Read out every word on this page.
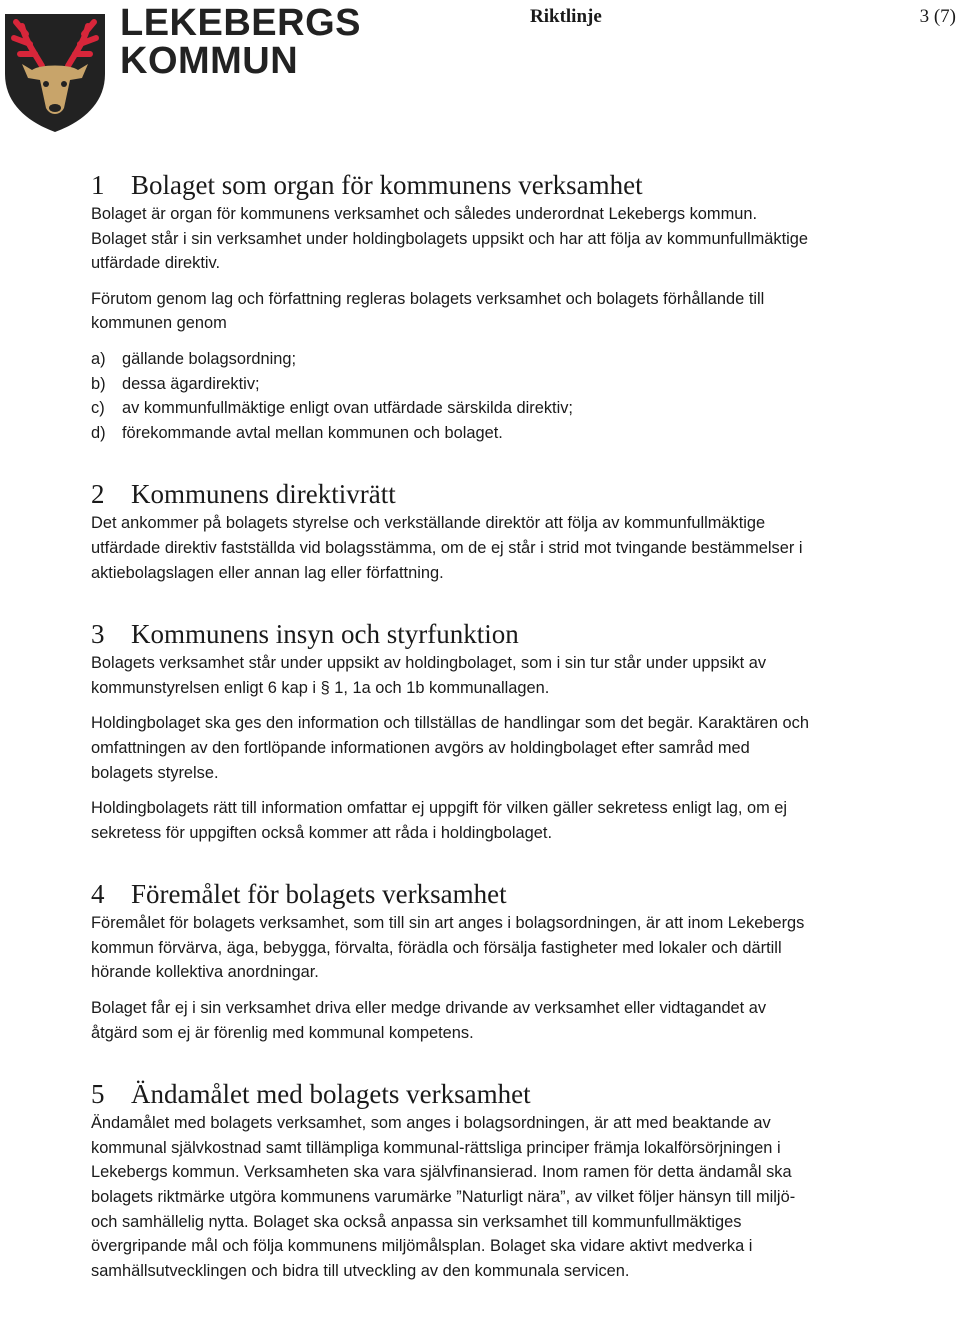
LEKEBERGS
KOMMUN
Riktlinje	3 (7)
1 Bolaget som organ för kommunens verksamhet

Bolaget är organ för kommunens verksamhet och således underordnat Lekebergs kommun. Bolaget står i sin verksamhet under holdingbolagets uppsikt och har att följa av kommunfullmäktige utfärdade direktiv.

Förutom genom lag och författning regleras bolagets verksamhet och bolagets förhållande till kommunen genom

a)	gällande bolagsordning;
b)	dessa ägardirektiv;
c)	av kommunfullmäktige enligt ovan utfärdade särskilda direktiv;
d)	förekommande avtal mellan kommunen och bolaget.
2 Kommunens direktivrätt

Det ankommer på bolagets styrelse och verkställande direktör att följa av kommunfullmäktige utfärdade direktiv fastställda vid bolagsstämma, om de ej står i strid mot tvingande bestämmelser i aktiebolagslagen eller annan lag eller författning.

3 Kommunens insyn och styrfunktion

Bolagets verksamhet står under uppsikt av holdingbolaget, som i sin tur står under uppsikt av kommunstyrelsen enligt 6 kap i § 1, 1a och 1b kommunallagen.

Holdingbolaget ska ges den information och tillställas de handlingar som det begär. Karaktären och omfattningen av den fortlöpande informationen avgörs av holdingbolaget efter samråd med bolagets styrelse.

Holdingbolagets rätt till information omfattar ej uppgift för vilken gäller sekretess enligt lag, om ej sekretess för uppgiften också kommer att råda i holdingbolaget.

4 Föremålet för bolagets verksamhet

Föremålet för bolagets verksamhet, som till sin art anges i bolagsordningen, är att inom Lekebergs kommun förvärva, äga, bebygga, förvalta, förädla och försälja fastigheter med lokaler och därtill hörande kollektiva anordningar.

Bolaget får ej i sin verksamhet driva eller medge drivande av verksamhet eller vidtagandet av åtgärd som ej är förenlig med kommunal kompetens.

5 Ändamålet med bolagets verksamhet

Ändamålet med bolagets verksamhet, som anges i bolagsordningen, är att med beaktande av kommunal självkostnad samt tillämpliga kommunal-rättsliga principer främja lokalförsörjningen i Lekebergs kommun. Verksamheten ska vara självfinansierad. Inom ramen för detta ändamål ska bolagets riktmärke utgöra kommunens varumärke ”Naturligt nära”, av vilket följer hänsyn till miljö- och samhällelig nytta. Bolaget ska också anpassa sin verksamhet till kommunfullmäktiges övergripande mål och följa kommunens miljömålsplan. Bolaget ska vidare aktivt medverka i samhällsutvecklingen och bidra till utveckling av den kommunala servicen.
